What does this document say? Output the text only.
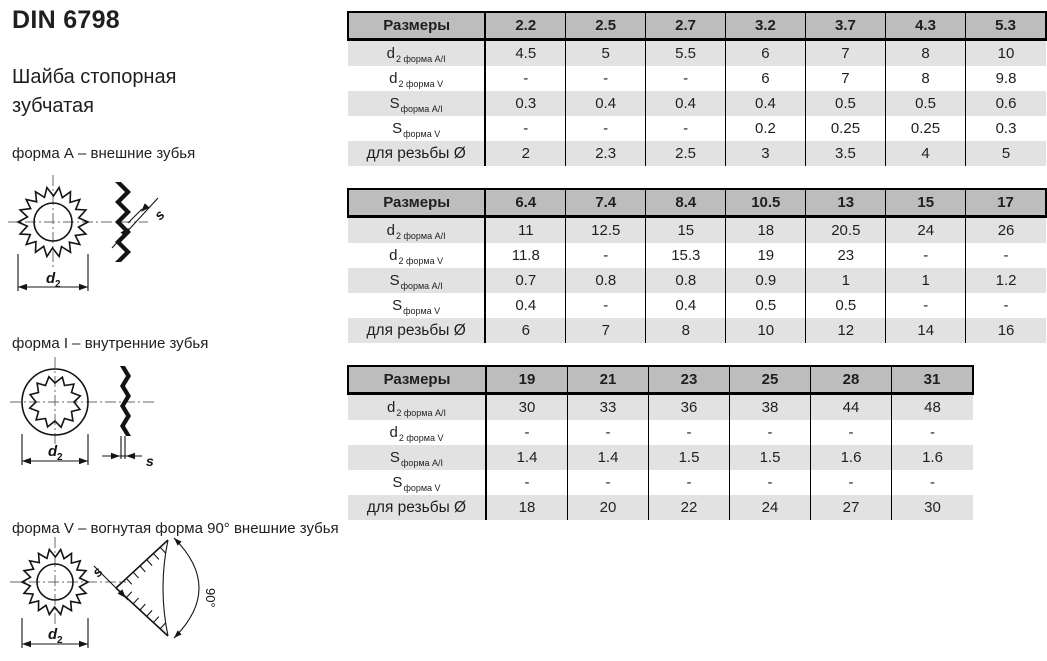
DIN 6798
Шайба стопорная
зубчатая
форма А – внешние зубья
d 2
s
форма I – внутренние зубья
d 2	s
форма V – вогнутая форма 90° внешние зубья
d 2
s
90°
Размеры	2.2	2.5	2.7	3.2	3.7	4.3	5.3
$d_{2 форма A/I}$	4.5	5	5.5	6	7	8	10
$d_{2 форма V}$	-	-	-	6	7	8	9.8
$S_{форма A/I}$	0.3	0.4	0.4	0.4	0.5	0.5	0.6
$S_{форма V}$	-	-	-	0.2	0.25	0.25	0.3
для резьбы Ø	2	2.3	2.5	3	3.5	4	5
Размеры	6.4	7.4	8.4	10.5	13	15	17
$d_{2 форма A/I}$	11	12.5	15	18	20.5	24	26
$d_{2 форма V}$	11.8	-	15.3	19	23	-	-
$S_{форма A/I}$	0.7	0.8	0.8	0.9	1	1	1.2
$S_{форма V}$	0.4	-	0.4	0.5	0.5	-	-
для резьбы Ø	6	7	8	10	12	14	16
Размеры	19	21	23	25	28	31
$d_{2 форма A/I}$	30	33	36	38	44	48
$d_{2 форма V}$	-	-	-	-	-	-
$S_{форма A/I}$	1.4	1.4	1.5	1.5	1.6	1.6
$S_{форма V}$	-	-	-	-	-	-
для резьбы Ø	18	20	22	24	27	30
